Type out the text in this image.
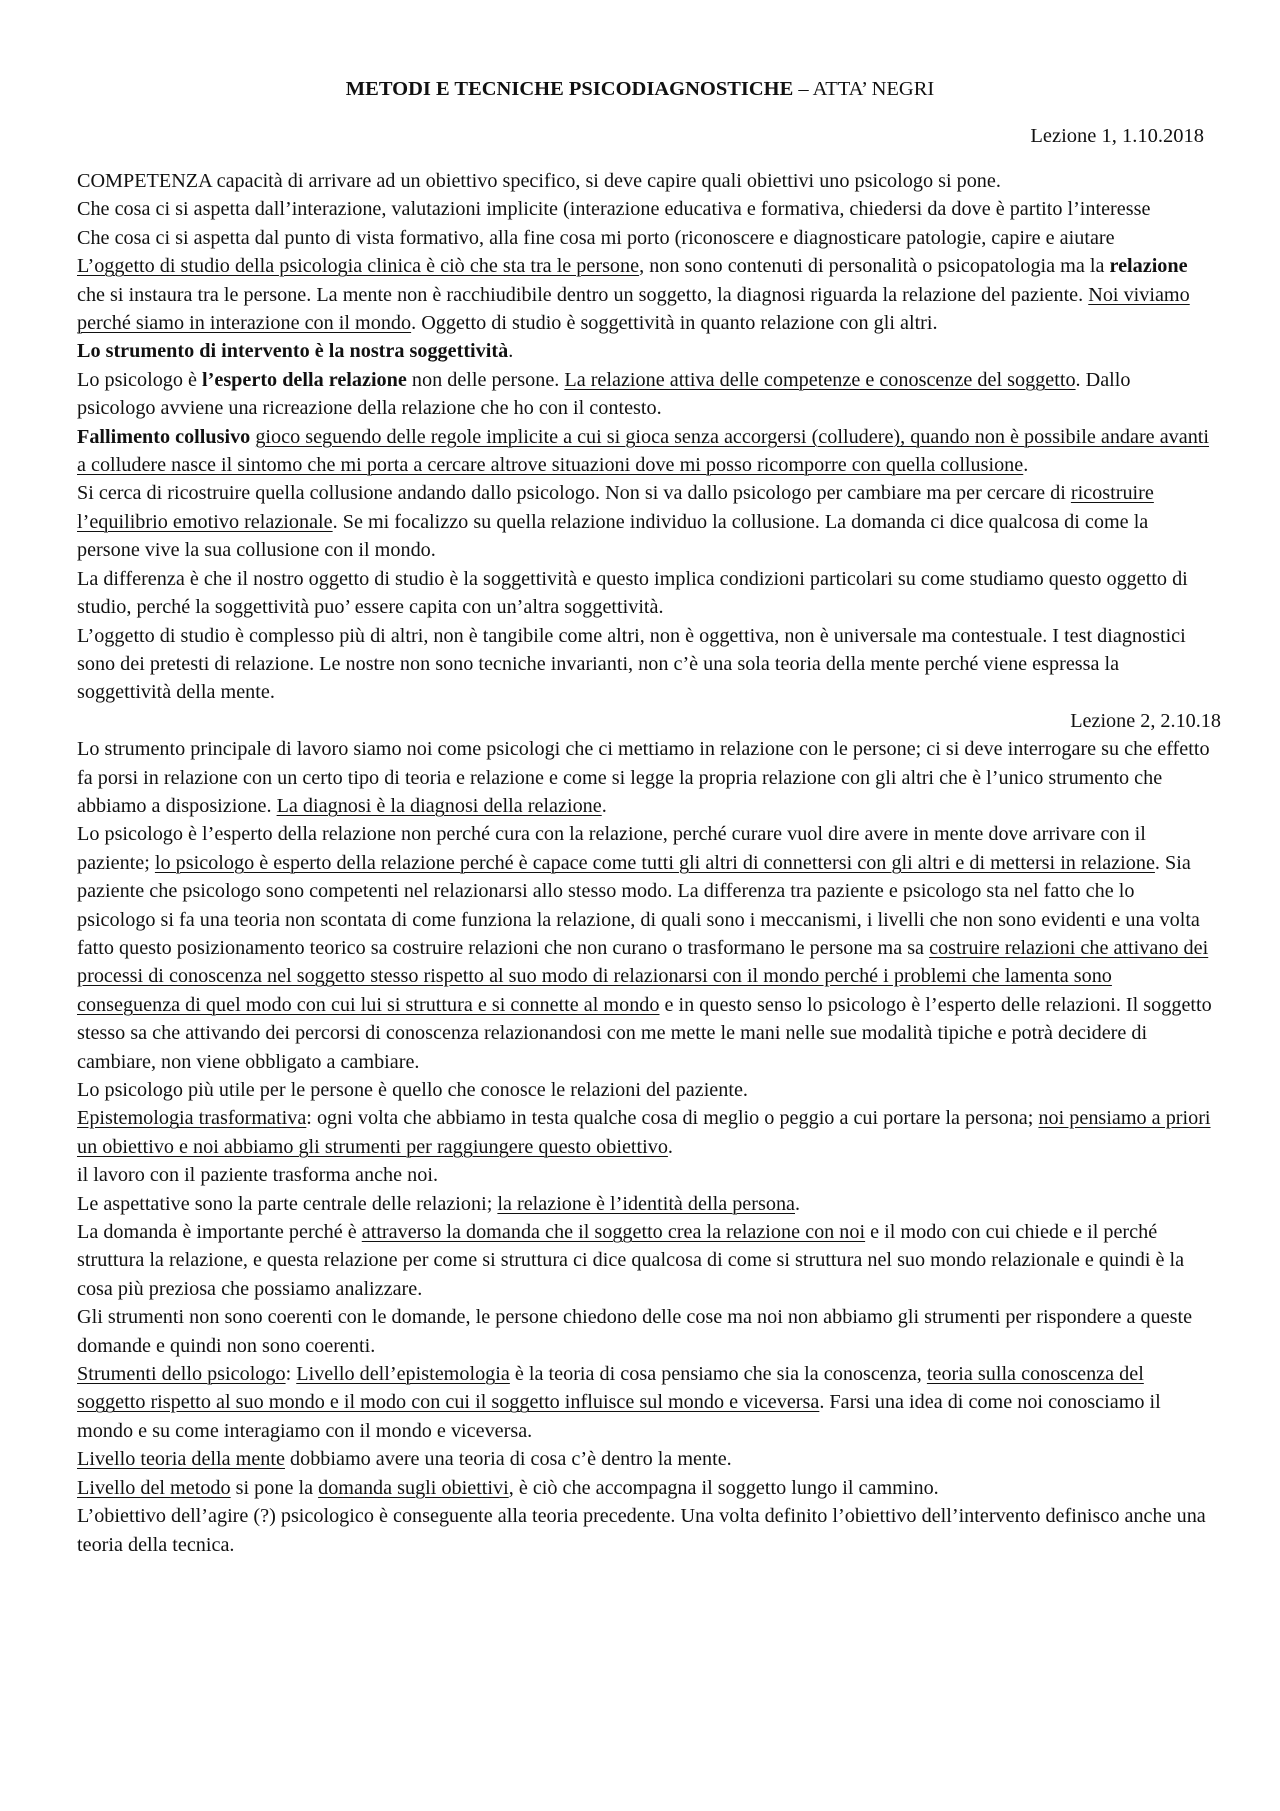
METODI E TECNICHE PSICODIAGNOSTICHE – ATTA’ NEGRI
Lezione 1, 1.10.2018

COMPETENZA capacità di arrivare ad un obiettivo specifico, si deve capire quali obiettivi uno psicologo si pone.

Che cosa ci si aspetta dall’interazione, valutazioni implicite (interazione educativa e formativa, chiedersi da dove è partito l’interesse

Che cosa ci si aspetta dal punto di vista formativo, alla fine cosa mi porto (riconoscere e diagnosticare patologie, capire e aiutare

L’oggetto di studio della psicologia clinica è ciò che sta tra le persone, non sono contenuti di personalità o psicopatologia ma la relazione che si instaura tra le persone. La mente non è racchiudibile dentro un soggetto, la diagnosi riguarda la relazione del paziente. Noi viviamo perché siamo in interazione con il mondo. Oggetto di studio è soggettività in quanto relazione con gli altri.

Lo strumento di intervento è la nostra soggettività.

Lo psicologo è l’esperto della relazione non delle persone. La relazione attiva delle competenze e conoscenze del soggetto. Dallo psicologo avviene una ricreazione della relazione che ho con il contesto.

Fallimento collusivo gioco seguendo delle regole implicite a cui si gioca senza accorgersi (colludere), quando non è possibile andare avanti a colludere nasce il sintomo che mi porta a cercare altrove situazioni dove mi posso ricomporre con quella collusione.

Si cerca di ricostruire quella collusione andando dallo psicologo. Non si va dallo psicologo per cambiare ma per cercare di ricostruire l’equilibrio emotivo relazionale. Se mi focalizzo su quella relazione individuo la collusione. La domanda ci dice qualcosa di come la persone vive la sua collusione con il mondo.

La differenza è che il nostro oggetto di studio è la soggettività e questo implica condizioni particolari su come studiamo questo oggetto di studio, perché la soggettività puo’ essere capita con un’altra soggettività.

L’oggetto di studio è complesso più di altri, non è tangibile come altri, non è oggettiva, non è universale ma contestuale. I test diagnostici sono dei pretesti di relazione. Le nostre non sono tecniche invarianti, non c’è una sola teoria della mente perché viene espressa la soggettività della mente.

Lezione 2, 2.10.18

Lo strumento principale di lavoro siamo noi come psicologi che ci mettiamo in relazione con le persone; ci si deve interrogare su che effetto fa porsi in relazione con un certo tipo di teoria e relazione e come si legge la propria relazione con gli altri che è l’unico strumento che abbiamo a disposizione. La diagnosi è la diagnosi della relazione.

Lo psicologo è l’esperto della relazione non perché cura con la relazione, perché curare vuol dire avere in mente dove arrivare con il paziente; lo psicologo è esperto della relazione perché è capace come tutti gli altri di connettersi con gli altri e di mettersi in relazione. Sia paziente che psicologo sono competenti nel relazionarsi allo stesso modo. La differenza tra paziente e psicologo sta nel fatto che lo psicologo si fa una teoria non scontata di come funziona la relazione, di quali sono i meccanismi, i livelli che non sono evidenti e una volta fatto questo posizionamento teorico sa costruire relazioni che non curano o trasformano le persone ma sa costruire relazioni che attivano dei processi di conoscenza nel soggetto stesso rispetto al suo modo di relazionarsi con il mondo perché i problemi che lamenta sono conseguenza di quel modo con cui lui si struttura e si connette al mondo e in questo senso lo psicologo è l’esperto delle relazioni. Il soggetto stesso sa che attivando dei percorsi di conoscenza relazionandosi con me mette le mani nelle sue modalità tipiche e potrà decidere di cambiare, non viene obbligato a cambiare.

Lo psicologo più utile per le persone è quello che conosce le relazioni del paziente.

Epistemologia trasformativa: ogni volta che abbiamo in testa qualche cosa di meglio o peggio a cui portare la persona; noi pensiamo a priori un obiettivo e noi abbiamo gli strumenti per raggiungere questo obiettivo.

il lavoro con il paziente trasforma anche noi.

Le aspettative sono la parte centrale delle relazioni; la relazione è l’identità della persona.

La domanda è importante perché è attraverso la domanda che il soggetto crea la relazione con noi e il modo con cui chiede e il perché struttura la relazione, e questa relazione per come si struttura ci dice qualcosa di come si struttura nel suo mondo relazionale e quindi è la cosa più preziosa che possiamo analizzare.

Gli strumenti non sono coerenti con le domande, le persone chiedono delle cose ma noi non abbiamo gli strumenti per rispondere a queste domande e quindi non sono coerenti.

Strumenti dello psicologo: Livello dell’epistemologia è la teoria di cosa pensiamo che sia la conoscenza, teoria sulla conoscenza del soggetto rispetto al suo mondo e il modo con cui il soggetto influisce sul mondo e viceversa. Farsi una idea di come noi conosciamo il mondo e su come interagiamo con il mondo e viceversa.

Livello teoria della mente dobbiamo avere una teoria di cosa c’è dentro la mente.

Livello del metodo si pone la domanda sugli obiettivi, è ciò che accompagna il soggetto lungo il cammino.

L’obiettivo dell’agire (?) psicologico è conseguente alla teoria precedente. Una volta definito l’obiettivo dell’intervento definisco anche una teoria della tecnica.
